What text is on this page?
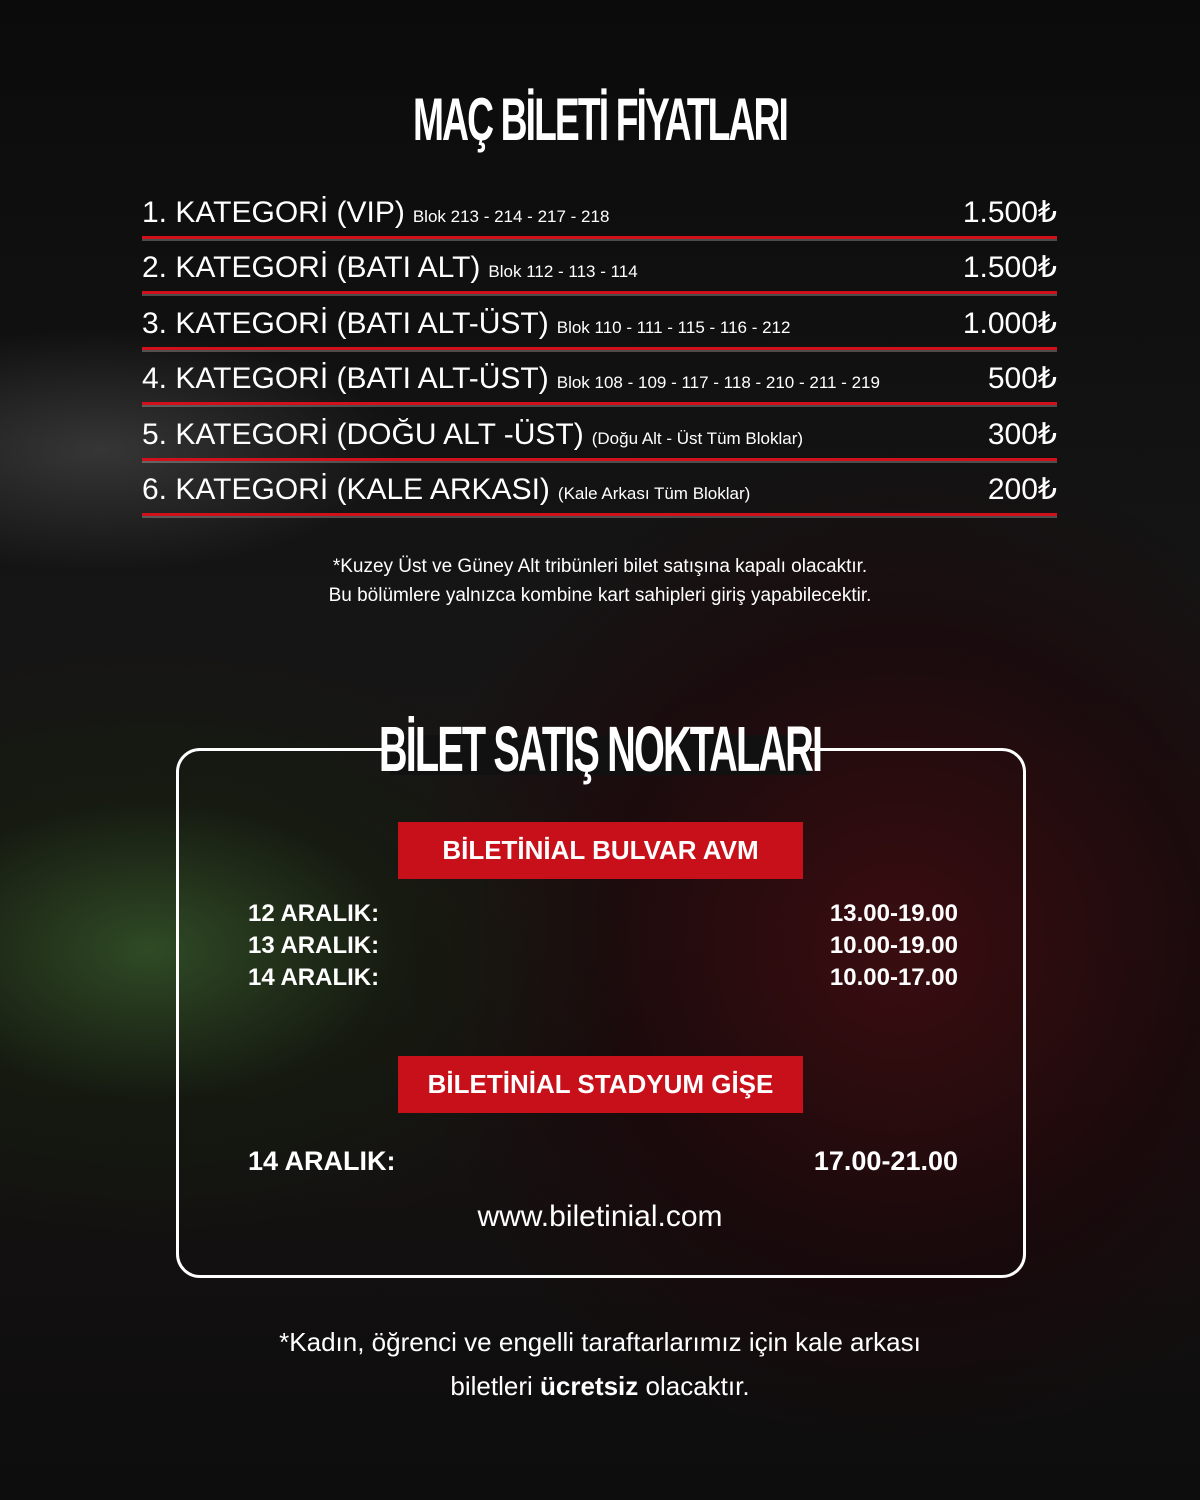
MAÇ BİLETİ FİYATLARI
1. KATEGORİ (VIP) Blok 213 - 214 - 217 - 218	1.500₺
2. KATEGORİ (BATI ALT) Blok 112 - 113 - 114	1.500₺
3. KATEGORİ (BATI ALT-ÜST) Blok 110 - 111 - 115 - 116 - 212	1.000₺
4. KATEGORİ (BATI ALT-ÜST) Blok 108 - 109 - 117 - 118 - 210 - 211 - 219	500₺
5. KATEGORİ (DOĞU ALT -ÜST) (Doğu Alt - Üst Tüm Bloklar)	300₺
6. KATEGORİ (KALE ARKASI) (Kale Arkası Tüm Bloklar)	200₺
*Kuzey Üst ve Güney Alt tribünleri bilet satışına kapalı olacaktır.
Bu bölümlere yalnızca kombine kart sahipleri giriş yapabilecektir.
BİLET SATIŞ NOKTALARI
BİLETİNİAL BULVAR AVM
12 ARALIK:	13.00-19.00
13 ARALIK:	10.00-19.00
14 ARALIK:	10.00-17.00
BİLETİNİAL STADYUM GİŞE
14 ARALIK:	17.00-21.00
www.biletinial.com
*Kadın, öğrenci ve engelli taraftarlarımız için kale arkası
biletleri ücretsiz olacaktır.
